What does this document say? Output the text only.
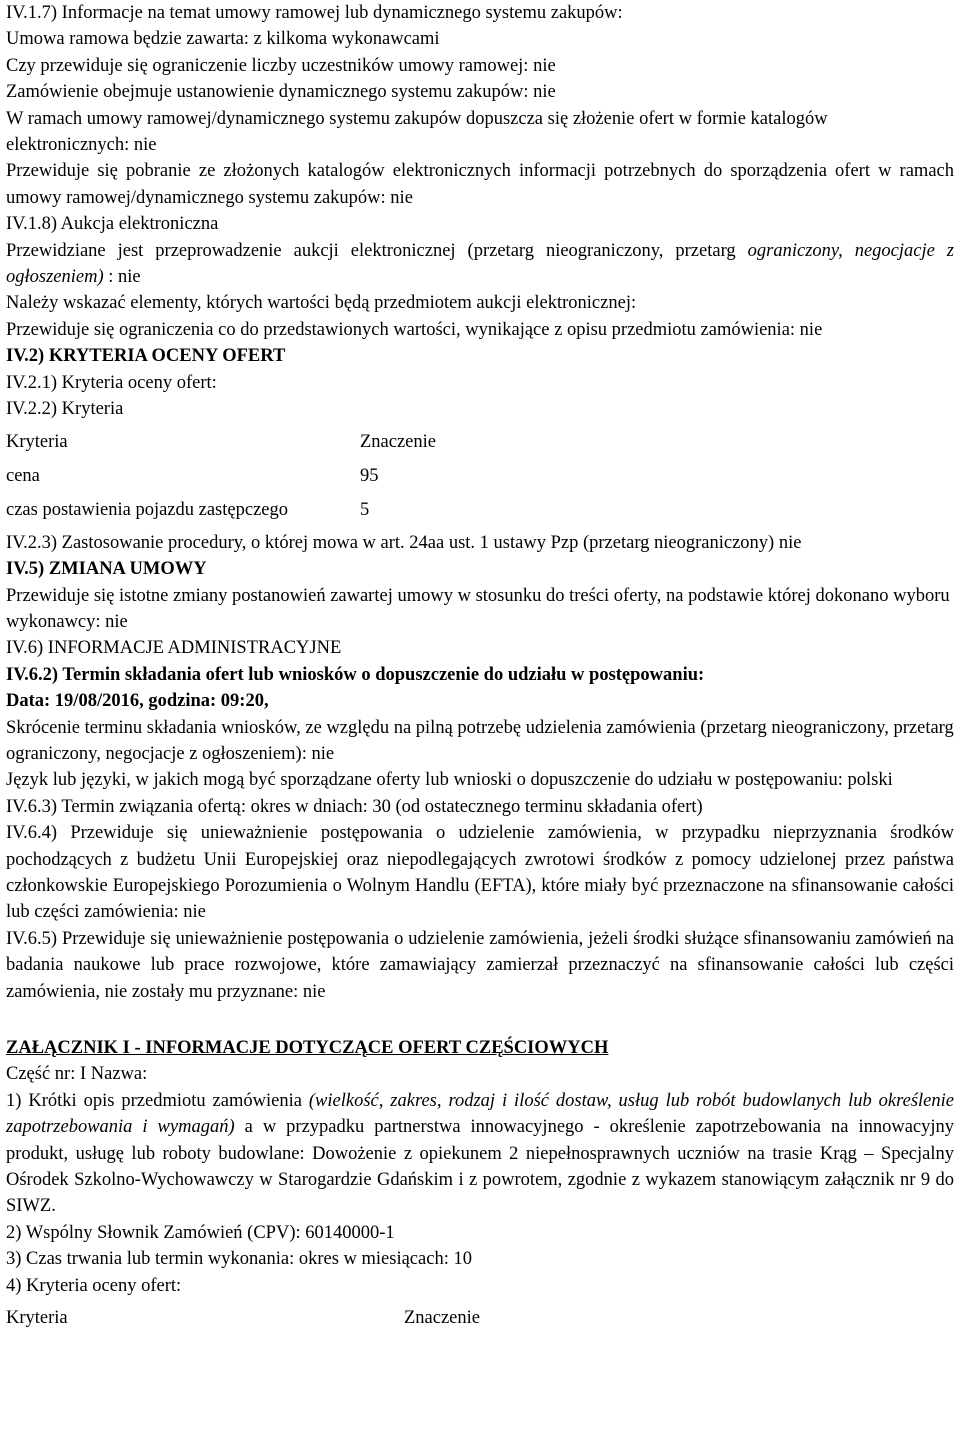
IV.1.7) Informacje na temat umowy ramowej lub dynamicznego systemu zakupów:

Umowa ramowa będzie zawarta: z kilkoma wykonawcami

Czy przewiduje się ograniczenie liczby uczestników umowy ramowej: nie

Zamówienie obejmuje ustanowienie dynamicznego systemu zakupów: nie

W ramach umowy ramowej/dynamicznego systemu zakupów dopuszcza się złożenie ofert w formie katalogów elektronicznych: nie

Przewiduje się pobranie ze złożonych katalogów elektronicznych informacji potrzebnych do sporządzenia ofert w ramach umowy ramowej/dynamicznego systemu zakupów: nie

IV.1.8) Aukcja elektroniczna

Przewidziane jest przeprowadzenie aukcji elektronicznej (przetarg nieograniczony, przetarg ograniczony, negocjacje z ogłoszeniem) : nie

Należy wskazać elementy, których wartości będą przedmiotem aukcji elektronicznej:

Przewiduje się ograniczenia co do przedstawionych wartości, wynikające z opisu przedmiotu zamówienia: nie

IV.2) KRYTERIA OCENY OFERT

IV.2.1) Kryteria oceny ofert:

IV.2.2) Kryteria

Kryteria	Znaczenie
cena	95
czas postawienia pojazdu zastępczego	5

IV.2.3) Zastosowanie procedury, o której mowa w art. 24aa ust. 1 ustawy Pzp (przetarg nieograniczony) nie

IV.5) ZMIANA UMOWY

Przewiduje się istotne zmiany postanowień zawartej umowy w stosunku do treści oferty, na podstawie której dokonano wyboru wykonawcy: nie

IV.6) INFORMACJE ADMINISTRACYJNE

IV.6.2) Termin składania ofert lub wniosków o dopuszczenie do udziału w postępowaniu:

Data: 19/08/2016, godzina: 09:20,

Skrócenie terminu składania wniosków, ze względu na pilną potrzebę udzielenia zamówienia (przetarg nieograniczony, przetarg ograniczony, negocjacje z ogłoszeniem): nie

Język lub języki, w jakich mogą być sporządzane oferty lub wnioski o dopuszczenie do udziału w postępowaniu: polski

IV.6.3) Termin związania ofertą: okres w dniach: 30 (od ostatecznego terminu składania ofert)

IV.6.4) Przewiduje się unieważnienie postępowania o udzielenie zamówienia, w przypadku nieprzyznania środków pochodzących z budżetu Unii Europejskiej oraz niepodlegających zwrotowi środków z pomocy udzielonej przez państwa członkowskie Europejskiego Porozumienia o Wolnym Handlu (EFTA), które miały być przeznaczone na sfinansowanie całości lub części zamówienia: nie

IV.6.5) Przewiduje się unieważnienie postępowania o udzielenie zamówienia, jeżeli środki służące sfinansowaniu zamówień na badania naukowe lub prace rozwojowe, które zamawiający zamierzał przeznaczyć na sfinansowanie całości lub części zamówienia, nie zostały mu przyznane: nie

ZAŁĄCZNIK I - INFORMACJE DOTYCZĄCE OFERT CZĘŚCIOWYCH

Część nr: I Nazwa:

1) Krótki opis przedmiotu zamówienia (wielkość, zakres, rodzaj i ilość dostaw, usług lub robót budowlanych lub określenie zapotrzebowania i wymagań) a w przypadku partnerstwa innowacyjnego - określenie zapotrzebowania na innowacyjny produkt, usługę lub roboty budowlane: Dowożenie z opiekunem 2 niepełnosprawnych uczniów na trasie Krąg – Specjalny Ośrodek Szkolno-Wychowawczy w Starogardzie Gdańskim i z powrotem, zgodnie z wykazem stanowiącym załącznik nr 9 do SIWZ.

2) Wspólny Słownik Zamówień (CPV): 60140000-1

3) Czas trwania lub termin wykonania: okres w miesiącach: 10

4) Kryteria oceny ofert:

Kryteria	Znaczenie
